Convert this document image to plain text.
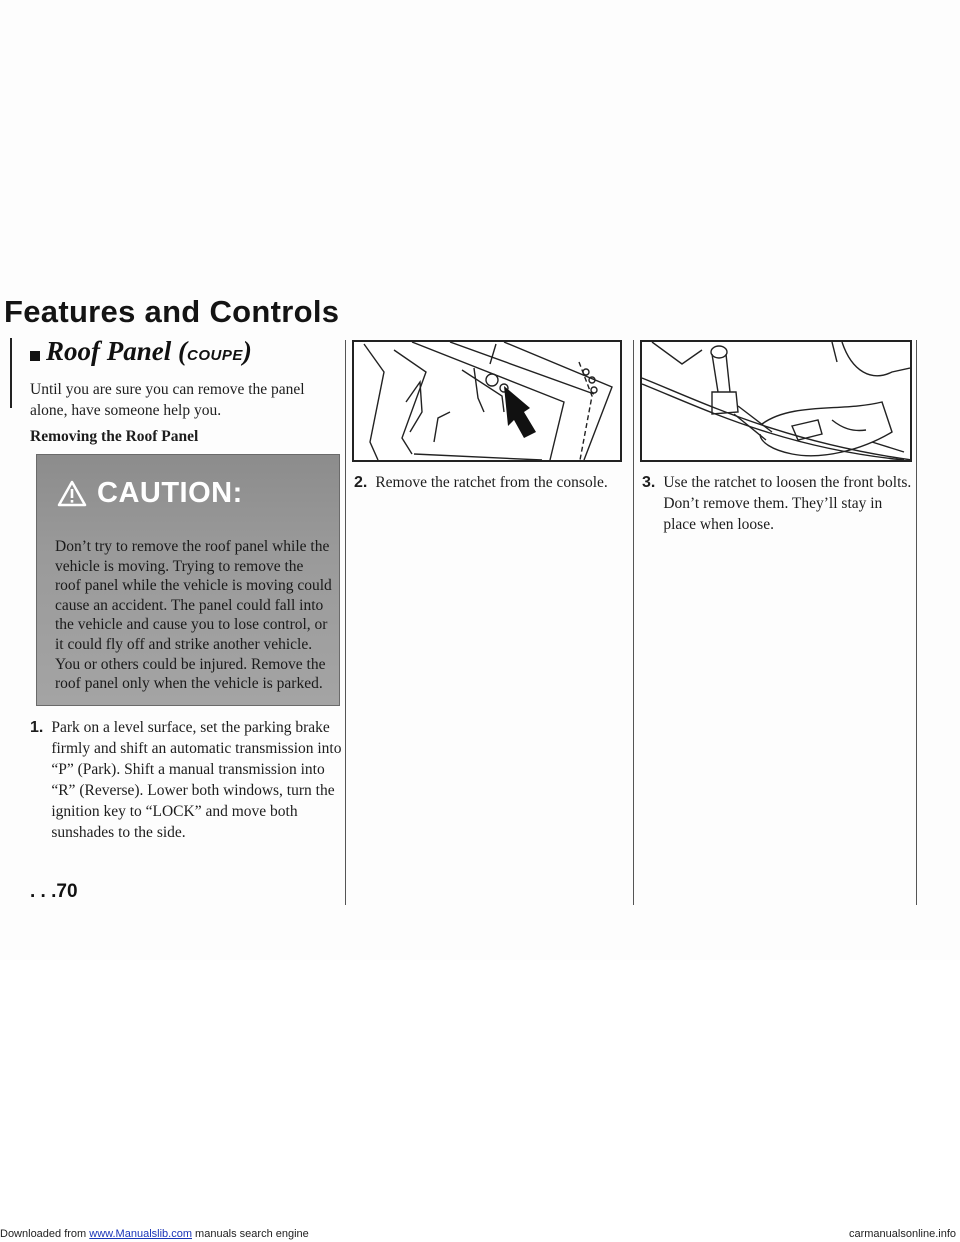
Features and Controls
Roof Panel (COUPE)
Until you are sure you can remove the panel alone, have someone help you.
Removing the Roof Panel
CAUTION:
Don’t try to remove the roof panel while the vehicle is moving. Trying to remove the roof panel while the vehicle is moving could cause an accident. The panel could fall into the vehicle and cause you to lose control, or it could fly off and strike another vehicle. You or others could be injured. Remove the roof panel only when the vehicle is parked.
1. Park on a level surface, set the parking brake firmly and shift an automatic transmission into “P” (Park). Shift a manual transmission into “R” (Reverse). Lower both windows, turn the ignition key to “LOCK” and move both sunshades to the side.
2. Remove the ratchet from the console. 3. Use the ratchet to loosen the front bolts. Don’t remove them. They’ll stay in place when loose.
. . .70
Downloaded from www.Manualslib.com manuals search engine	carmanualsonline.info
